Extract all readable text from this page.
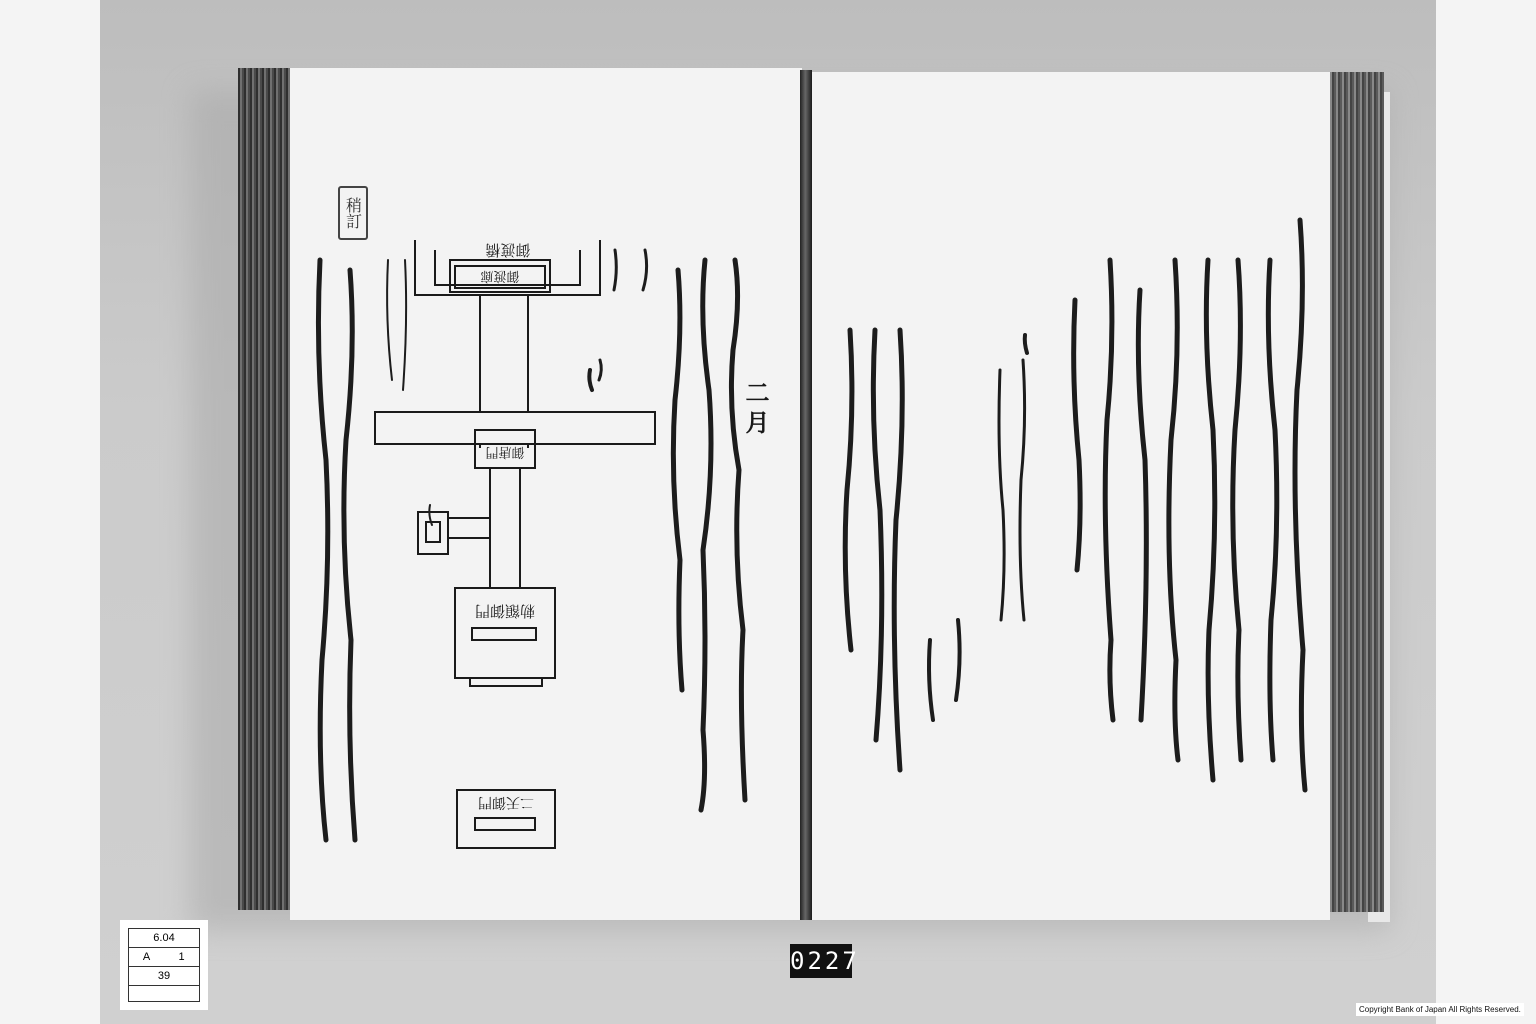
御渡橋
御渡廊
御唐門
勅額御門
二天御門
二月
稍訂
6.04
A	1
39
0227
Copyright Bank of Japan All Rights Reserved.
